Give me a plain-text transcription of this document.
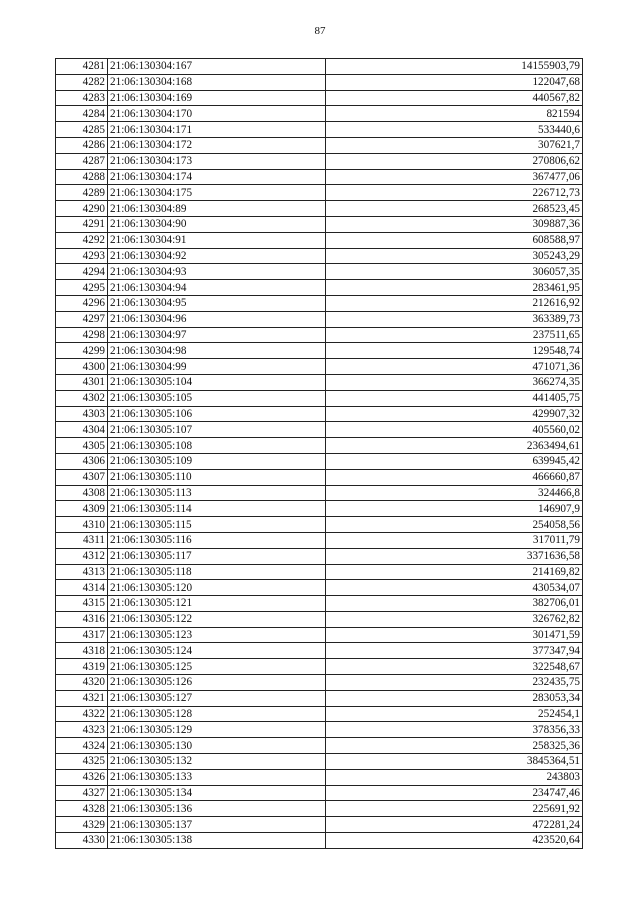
87
4281	21:06:130304:167	14155903,79
4282	21:06:130304:168	122047,68
4283	21:06:130304:169	440567,82
4284	21:06:130304:170	821594
4285	21:06:130304:171	533440,6
4286	21:06:130304:172	307621,7
4287	21:06:130304:173	270806,62
4288	21:06:130304:174	367477,06
4289	21:06:130304:175	226712,73
4290	21:06:130304:89	268523,45
4291	21:06:130304:90	309887,36
4292	21:06:130304:91	608588,97
4293	21:06:130304:92	305243,29
4294	21:06:130304:93	306057,35
4295	21:06:130304:94	283461,95
4296	21:06:130304:95	212616,92
4297	21:06:130304:96	363389,73
4298	21:06:130304:97	237511,65
4299	21:06:130304:98	129548,74
4300	21:06:130304:99	471071,36
4301	21:06:130305:104	366274,35
4302	21:06:130305:105	441405,75
4303	21:06:130305:106	429907,32
4304	21:06:130305:107	405560,02
4305	21:06:130305:108	2363494,61
4306	21:06:130305:109	639945,42
4307	21:06:130305:110	466660,87
4308	21:06:130305:113	324466,8
4309	21:06:130305:114	146907,9
4310	21:06:130305:115	254058,56
4311	21:06:130305:116	317011,79
4312	21:06:130305:117	3371636,58
4313	21:06:130305:118	214169,82
4314	21:06:130305:120	430534,07
4315	21:06:130305:121	382706,01
4316	21:06:130305:122	326762,82
4317	21:06:130305:123	301471,59
4318	21:06:130305:124	377347,94
4319	21:06:130305:125	322548,67
4320	21:06:130305:126	232435,75
4321	21:06:130305:127	283053,34
4322	21:06:130305:128	252454,1
4323	21:06:130305:129	378356,33
4324	21:06:130305:130	258325,36
4325	21:06:130305:132	3845364,51
4326	21:06:130305:133	243803
4327	21:06:130305:134	234747,46
4328	21:06:130305:136	225691,92
4329	21:06:130305:137	472281,24
4330	21:06:130305:138	423520,64
